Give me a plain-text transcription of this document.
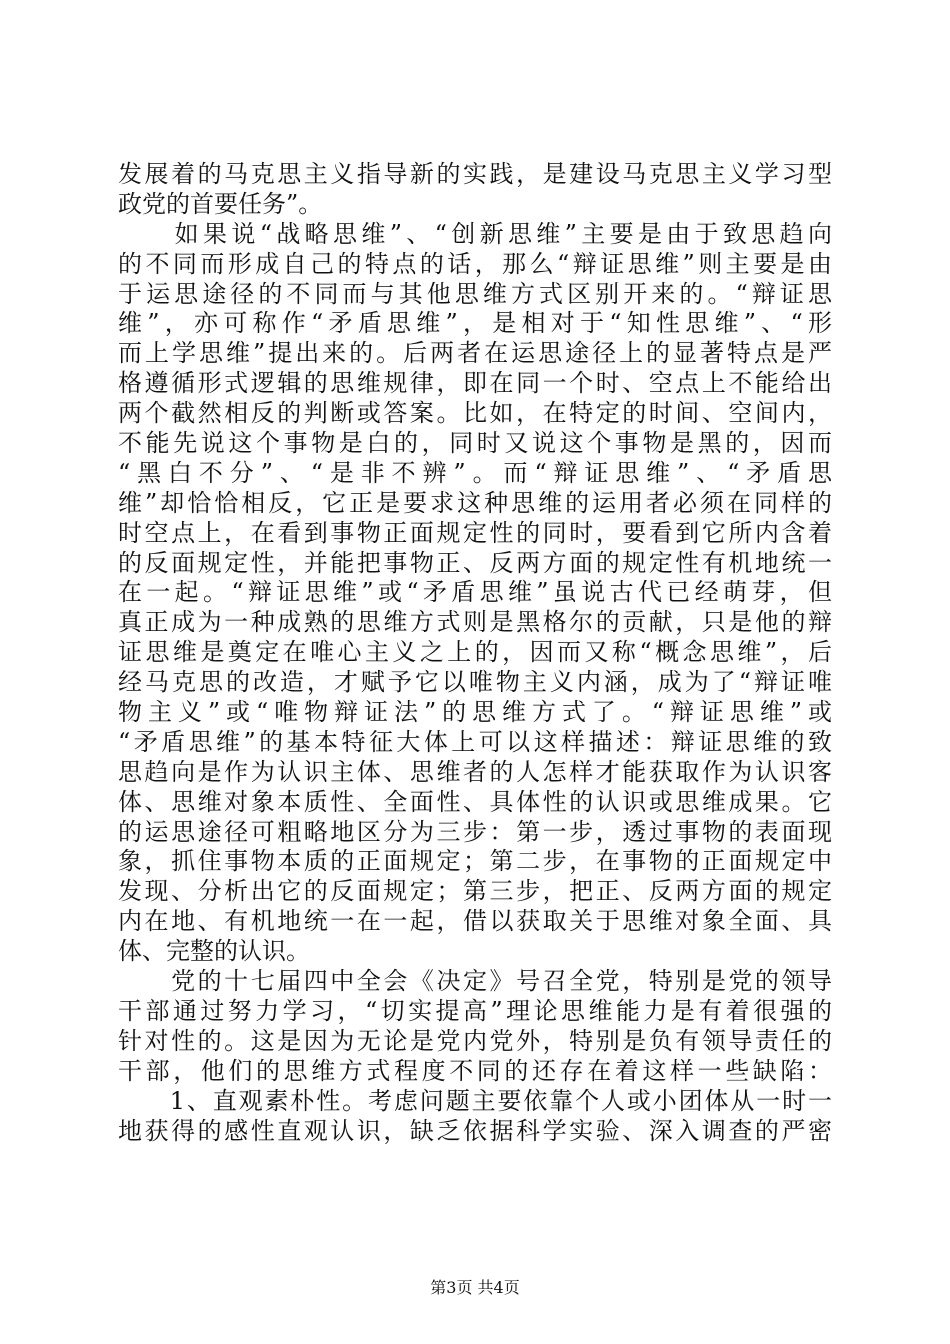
发展着的马克思主义指导新的实践，是建设马克思主义学习型
政党的首要任务”。
　　如果说“战略思维”、“创新思维”主要是由于致思趋向
的不同而形成自己的特点的话，那么“辩证思维”则主要是由
于运思途径的不同而与其他思维方式区别开来的。“辩证思
维”，亦可称作“矛盾思维”，是相对于“知性思维”、“形
而上学思维”提出来的。后两者在运思途径上的显著特点是严
格遵循形式逻辑的思维规律，即在同一个时、空点上不能给出
两个截然相反的判断或答案。比如，在特定的时间、空间内，
不能先说这个事物是白的，同时又说这个事物是黑的，因而
“黑白不分”、“是非不辨”。而“辩证思维”、“矛盾思
维”却恰恰相反，它正是要求这种思维的运用者必须在同样的
时空点上，在看到事物正面规定性的同时，要看到它所内含着
的反面规定性，并能把事物正、反两方面的规定性有机地统一
在一起。“辩证思维”或“矛盾思维”虽说古代已经萌芽，但
真正成为一种成熟的思维方式则是黑格尔的贡献，只是他的辩
证思维是奠定在唯心主义之上的，因而又称“概念思维”，后
经马克思的改造，才赋予它以唯物主义内涵，成为了“辩证唯
物主义”或“唯物辩证法”的思维方式了。“辩证思维”或
“矛盾思维”的基本特征大体上可以这样描述：辩证思维的致
思趋向是作为认识主体、思维者的人怎样才能获取作为认识客
体、思维对象本质性、全面性、具体性的认识或思维成果。它
的运思途径可粗略地区分为三步：第一步，透过事物的表面现
象，抓住事物本质的正面规定；第二步，在事物的正面规定中
发现、分析出它的反面规定；第三步，把正、反两方面的规定
内在地、有机地统一在一起，借以获取关于思维对象全面、具
体、完整的认识。
　　党的十七届四中全会《决定》号召全党，特别是党的领导
干部通过努力学习，“切实提高”理论思维能力是有着很强的
针对性的。这是因为无论是党内党外，特别是负有领导责任的
干部，他们的思维方式程度不同的还存在着这样一些缺陷：
　　1、直观素朴性。考虑问题主要依靠个人或小团体从一时一
地获得的感性直观认识，缺乏依据科学实验、深入调查的严密
第3页 共4页
